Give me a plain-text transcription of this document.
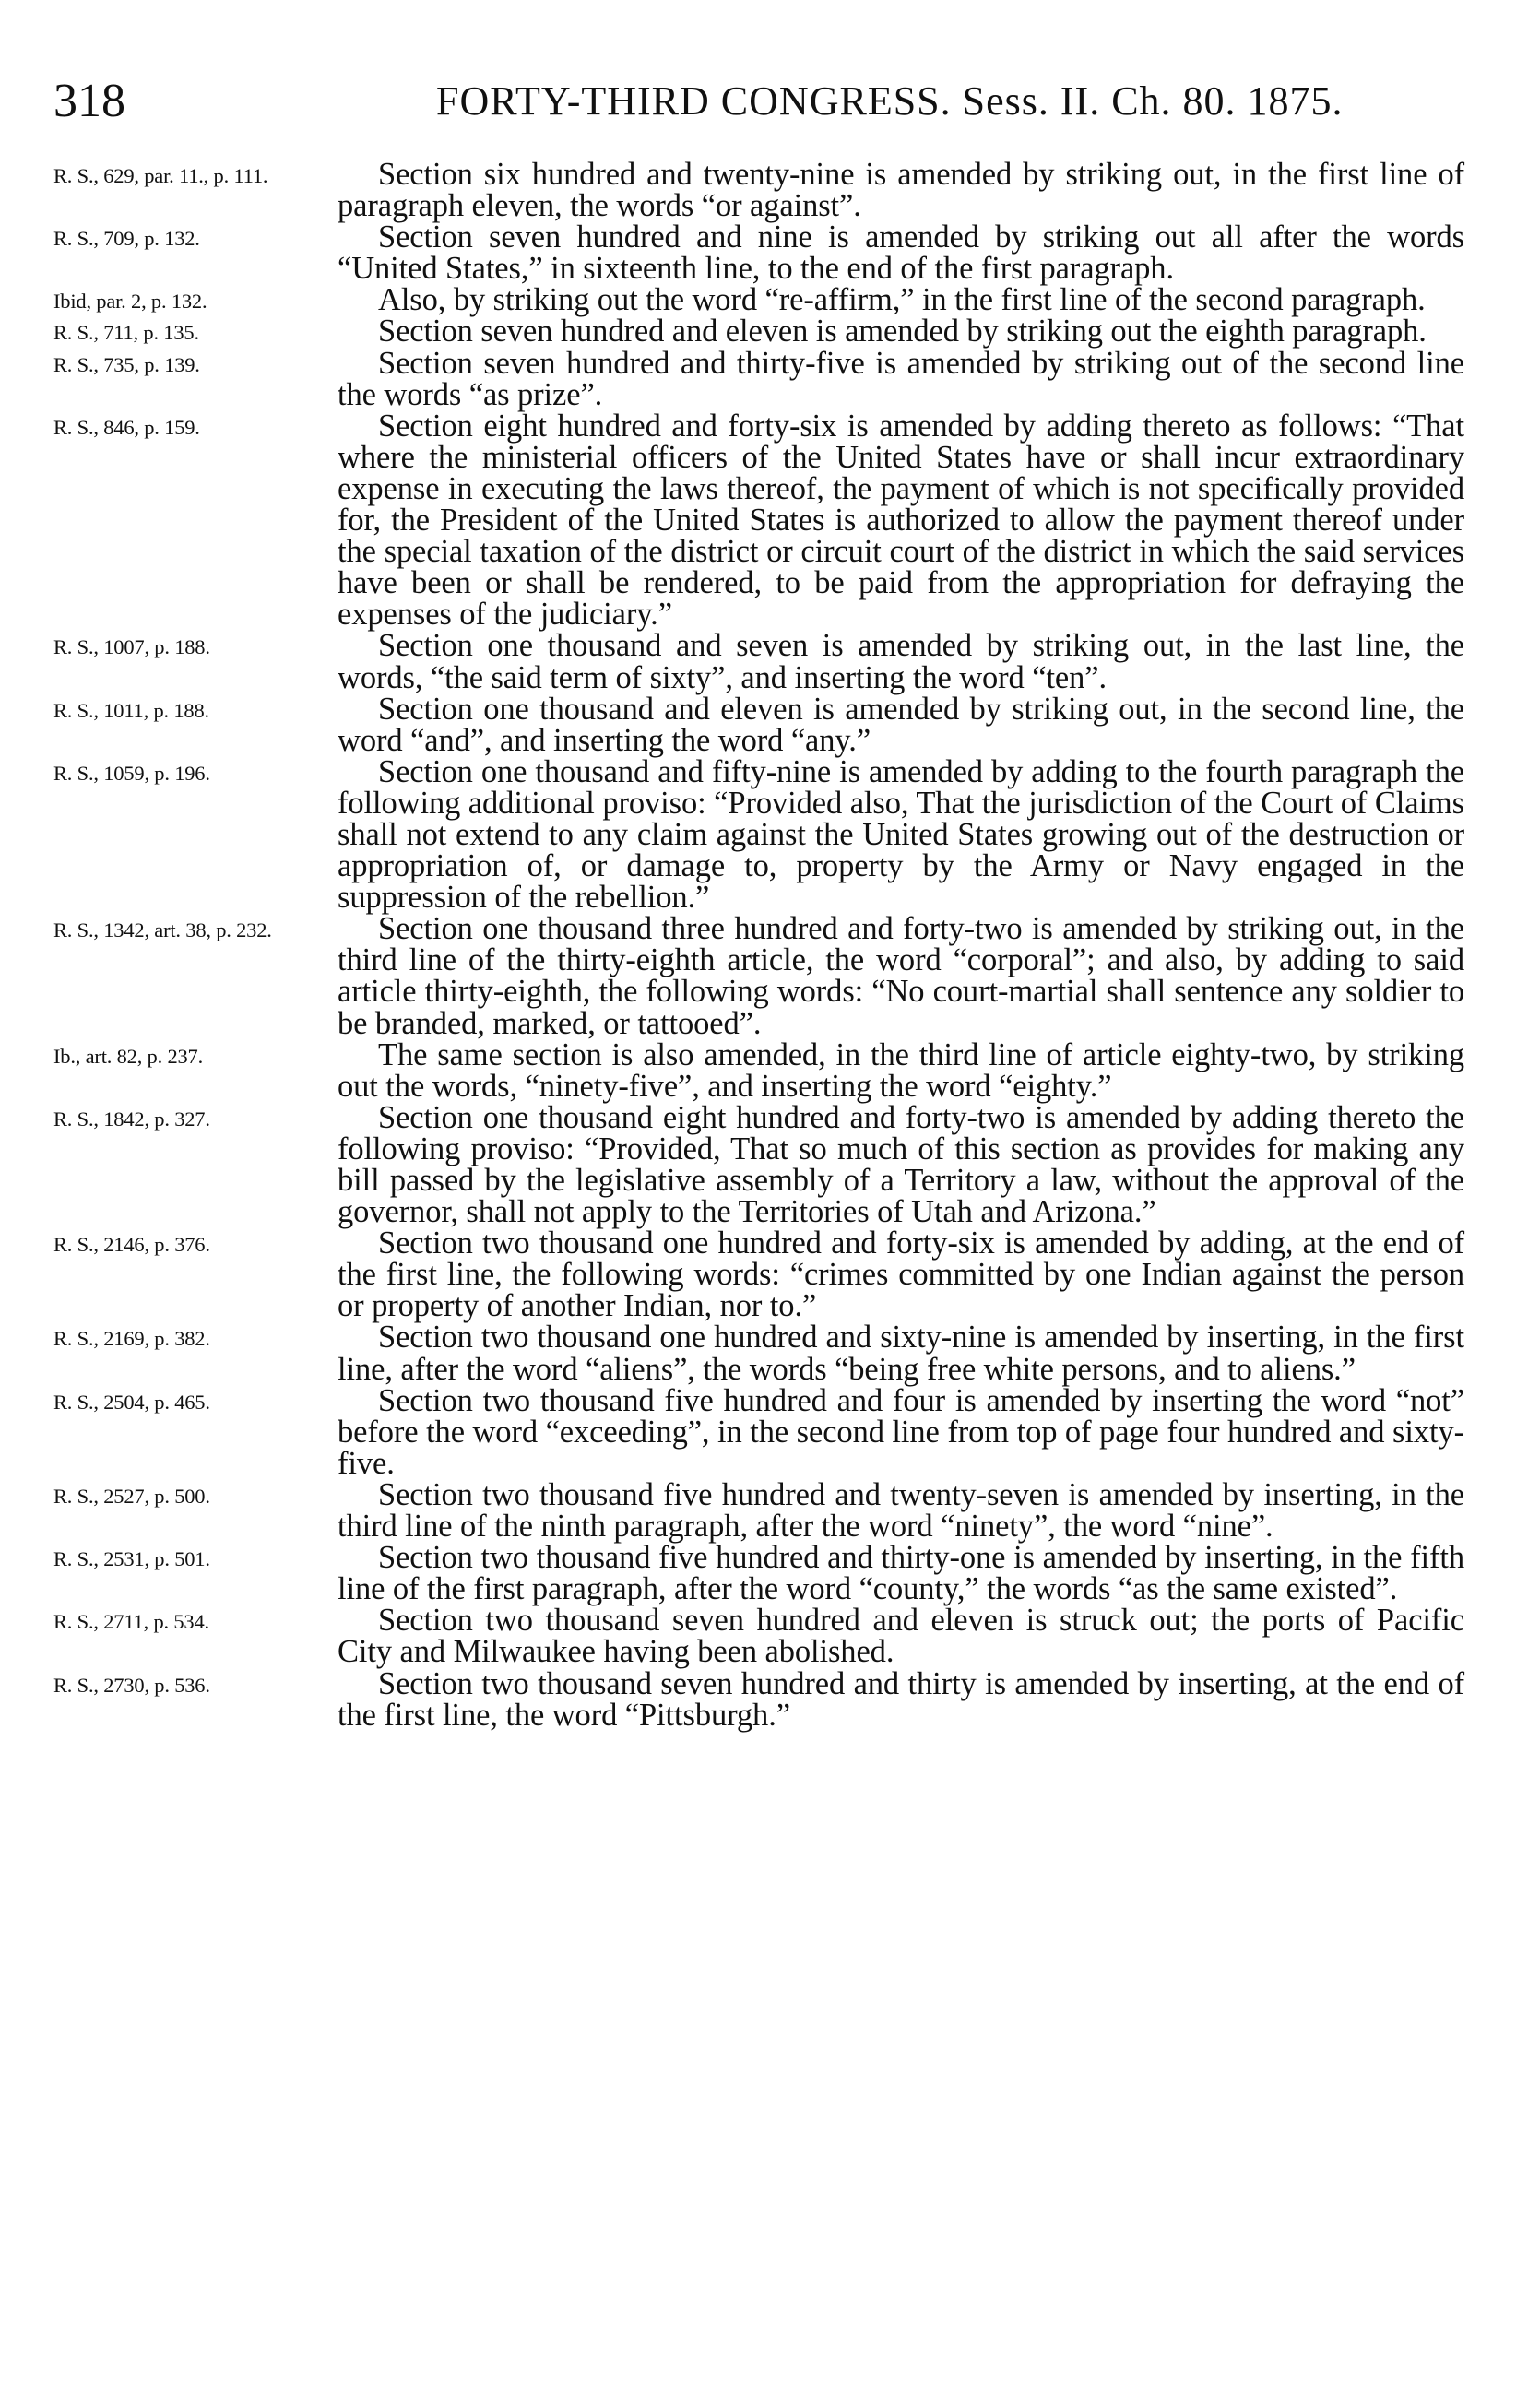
318	FORTY-THIRD CONGRESS. Sess. II. Ch. 80. 1875.
R. S., 629, par. 11., p. 111.	Section six hundred and twenty-nine is amended by striking out, in the first line of paragraph eleven, the words “or against”.
R. S., 709, p. 132.	Section seven hundred and nine is amended by striking out all after the words “United States,” in sixteenth line, to the end of the first paragraph.
Ibid, par. 2, p. 132.	Also, by striking out the word “re-affirm,” in the first line of the second paragraph.
R. S., 711, p. 135.	Section seven hundred and eleven is amended by striking out the eighth paragraph.
R. S., 735, p. 139.	Section seven hundred and thirty-five is amended by striking out of the second line the words “as prize”.
R. S., 846, p. 159.	Section eight hundred and forty-six is amended by adding thereto as follows: “That where the ministerial officers of the United States have or shall incur extraordinary expense in executing the laws thereof, the payment of which is not specifically provided for, the President of the United States is authorized to allow the payment thereof under the special taxation of the district or circuit court of the district in which the said services have been or shall be rendered, to be paid from the appropriation for defraying the expenses of the judiciary.”
R. S., 1007, p. 188.	Section one thousand and seven is amended by striking out, in the last line, the words, “the said term of sixty”, and inserting the word “ten”.
R. S., 1011, p. 188.	Section one thousand and eleven is amended by striking out, in the second line, the word “and”, and inserting the word “any.”
R. S., 1059, p. 196.	Section one thousand and fifty-nine is amended by adding to the fourth paragraph the following additional proviso: “Provided also, That the jurisdiction of the Court of Claims shall not extend to any claim against the United States growing out of the destruction or appropriation of, or damage to, property by the Army or Navy engaged in the suppression of the rebellion.”
R. S., 1342, art. 38, p. 232.	Section one thousand three hundred and forty-two is amended by striking out, in the third line of the thirty-eighth article, the word “corporal”; and also, by adding to said article thirty-eighth, the following words: “No court-martial shall sentence any soldier to be branded, marked, or tattooed”.
Ib., art. 82, p. 237.	The same section is also amended, in the third line of article eighty-two, by striking out the words, “ninety-five”, and inserting the word “eighty.”
R. S., 1842, p. 327.	Section one thousand eight hundred and forty-two is amended by adding thereto the following proviso: “Provided, That so much of this section as provides for making any bill passed by the legislative assembly of a Territory a law, without the approval of the governor, shall not apply to the Territories of Utah and Arizona.”
R. S., 2146, p. 376.	Section two thousand one hundred and forty-six is amended by adding, at the end of the first line, the following words: “crimes committed by one Indian against the person or property of another Indian, nor to.”
R. S., 2169, p. 382.	Section two thousand one hundred and sixty-nine is amended by inserting, in the first line, after the word “aliens”, the words “being free white persons, and to aliens.”
R. S., 2504, p. 465.	Section two thousand five hundred and four is amended by inserting the word “not” before the word “exceeding”, in the second line from top of page four hundred and sixty-five.
R. S., 2527, p. 500.	Section two thousand five hundred and twenty-seven is amended by inserting, in the third line of the ninth paragraph, after the word “ninety”, the word “nine”.
R. S., 2531, p. 501.	Section two thousand five hundred and thirty-one is amended by inserting, in the fifth line of the first paragraph, after the word “county,” the words “as the same existed”.
R. S., 2711, p. 534.	Section two thousand seven hundred and eleven is struck out; the ports of Pacific City and Milwaukee having been abolished.
R. S., 2730, p. 536.	Section two thousand seven hundred and thirty is amended by inserting, at the end of the first line, the word “Pittsburgh.”
